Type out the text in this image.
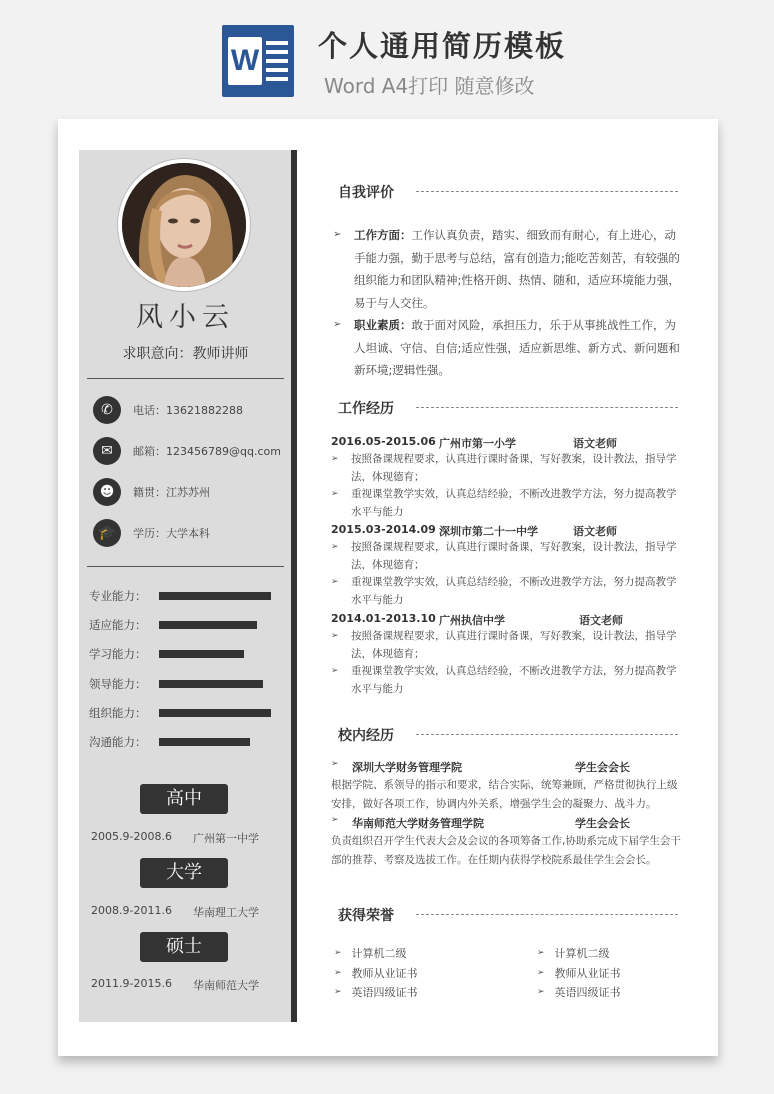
W 个人通用简历模板
Word A4打印 随意修改
风小云
求职意向：教师讲师
✆	电话：13621882288
✉	邮箱：123456789@qq.com
☻	籍贯：江苏苏州
🎓	学历：大学本科
专业能力：
适应能力：
学习能力：
领导能力：
组织能力：
沟通能力：
高中
2005.9-2008.6 广州第一中学
大学
2008.9-2011.6 华南理工大学
硕士
2011.9-2015.6 华南师范大学
自我评价
➢	工作方面：工作认真负责，踏实、细致而有耐心，有上进心，动手能力强，勤于思考与总结，富有创造力;能吃苦刻苦，有较强的组织能力和团队精神;性格开朗、热情、随和，适应环境能力强，易于与人交往。
➢	职业素质：敢于面对风险，承担压力，乐于从事挑战性工作，为人坦诚、守信、自信;适应性强，适应新思维、新方式、新问题和新环境;逻辑性强。
工作经历
2016.05-2015.06 广州市第一小学	语文老师
➢	按照备课规程要求，认真进行课时备课，写好教案，设计教法，指导学法，体现德育；
➢	重视课堂教学实效，认真总结经验，不断改进教学方法，努力提高教学水平与能力
2015.03-2014.09 深圳市第二十一中学	语文老师
➢	按照备课规程要求，认真进行课时备课，写好教案，设计教法，指导学法，体现德育；
➢	重视课堂教学实效，认真总结经验，不断改进教学方法，努力提高教学水平与能力
2014.01-2013.10 广州执信中学	语文老师
➢	按照备课规程要求，认真进行课时备课，写好教案，设计教法，指导学法，体现德育；
➢	重视课堂教学实效，认真总结经验，不断改进教学方法，努力提高教学水平与能力
校内经历
➢ 深圳大学财务管理学院	学生会会长
根据学院、系领导的指示和要求，结合实际，统筹兼顾，严格贯彻执行上级安排，做好各项工作，协调内外关系，增强学生会的凝聚力、战斗力。
➢ 华南师范大学财务管理学院	学生会会长
负责组织召开学生代表大会及会议的各项筹备工作,协助系完成下届学生会干部的推荐、考察及选拔工作。在任期内获得学校院系最佳学生会会长。
获得荣誉
➢ 计算机二级
➢ 教师从业证书
➢ 英语四级证书
➢ 计算机二级
➢ 教师从业证书
➢ 英语四级证书
